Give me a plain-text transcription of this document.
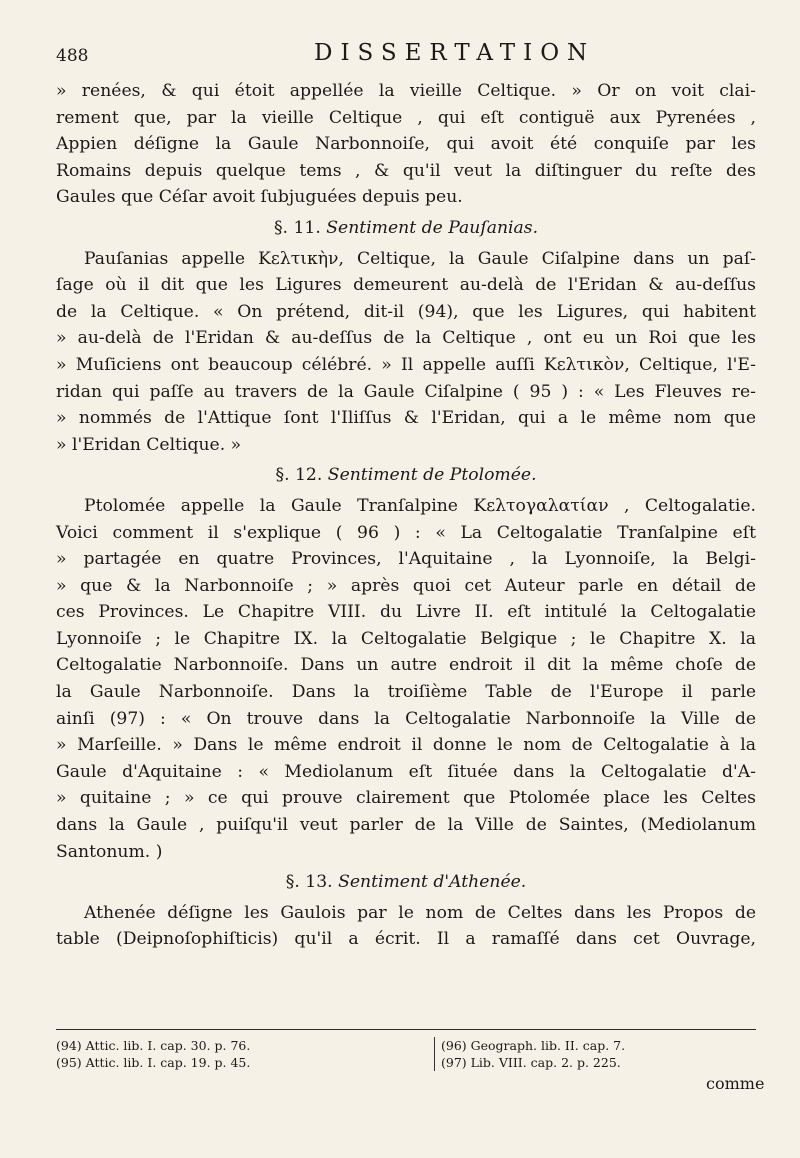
488	DISSERTATION

» renées, & qui étoit appellée la vieille Celtique. » Or on voit clai-
rement que, par la vieille Celtique , qui eſt contiguë aux Pyrenées ,
Appien déſigne la Gaule Narbonnoiſe, qui avoit été conquiſe par les
Romains depuis quelque tems , & qu'il veut la diſtinguer du reſte des
Gaules que Céſar avoit ſubjuguées depuis peu.

§. 11. Sentiment de Pauſanias.

Pauſanias appelle Κελτικὴν, Celtique, la Gaule Ciſalpine dans un paſ-
ſage où il dit que les Ligures demeurent au-delà de l'Eridan & au-deſſus
de la Celtique. « On prétend, dit-il (94), que les Ligures, qui habitent
» au-delà de l'Eridan & au-deſſus de la Celtique , ont eu un Roi que les
» Muſiciens ont beaucoup célébré. » Il appelle auſſi Κελτικὸν, Celtique, l'E-
ridan qui paſſe au travers de la Gaule Ciſalpine ( 95 ) : « Les Fleuves re-
» nommés de l'Attique ſont l'Iliſſus & l'Eridan, qui a le même nom que
» l'Eridan Celtique. »

§. 12. Sentiment de Ptolomée.

Ptolomée appelle la Gaule Tranſalpine Κελτογαλατίαν , Celtogalatie.
Voici comment il s'explique ( 96 ) : « La Celtogalatie Tranſalpine eſt
» partagée en quatre Provinces, l'Aquitaine , la Lyonnoiſe, la Belgi-
» que & la Narbonnoiſe ; » après quoi cet Auteur parle en détail de
ces Provinces. Le Chapitre VIII. du Livre II. eſt intitulé la Celtogalatie
Lyonnoiſe ; le Chapitre IX. la Celtogalatie Belgique ; le Chapitre X. la
Celtogalatie Narbonnoiſe. Dans un autre endroit il dit la même choſe de
la Gaule Narbonnoiſe. Dans la troiſième Table de l'Europe il parle
ainſi (97) : « On trouve dans la Celtogalatie Narbonnoiſe la Ville de
» Marſeille. » Dans le même endroit il donne le nom de Celtogalatie à la
Gaule d'Aquitaine : « Mediolanum eſt ſituée dans la Celtogalatie d'A-
» quitaine ; » ce qui prouve clairement que Ptolomée place les Celtes
dans la Gaule , puiſqu'il veut parler de la Ville de Saintes, (Mediolanum
Santonum. )

§. 13. Sentiment d'Athenée.

Athenée déſigne les Gaulois par le nom de Celtes dans les Propos de
table (Deipnoſophiſticis) qu'il a écrit. Il a ramaſſé dans cet Ouvrage,

(94) Attic. lib. I. cap. 30. p. 76.
(95) Attic. lib. I. cap. 19. p. 45.
(96) Geograph. lib. II. cap. 7.
(97) Lib. VIII. cap. 2. p. 225.
comme
